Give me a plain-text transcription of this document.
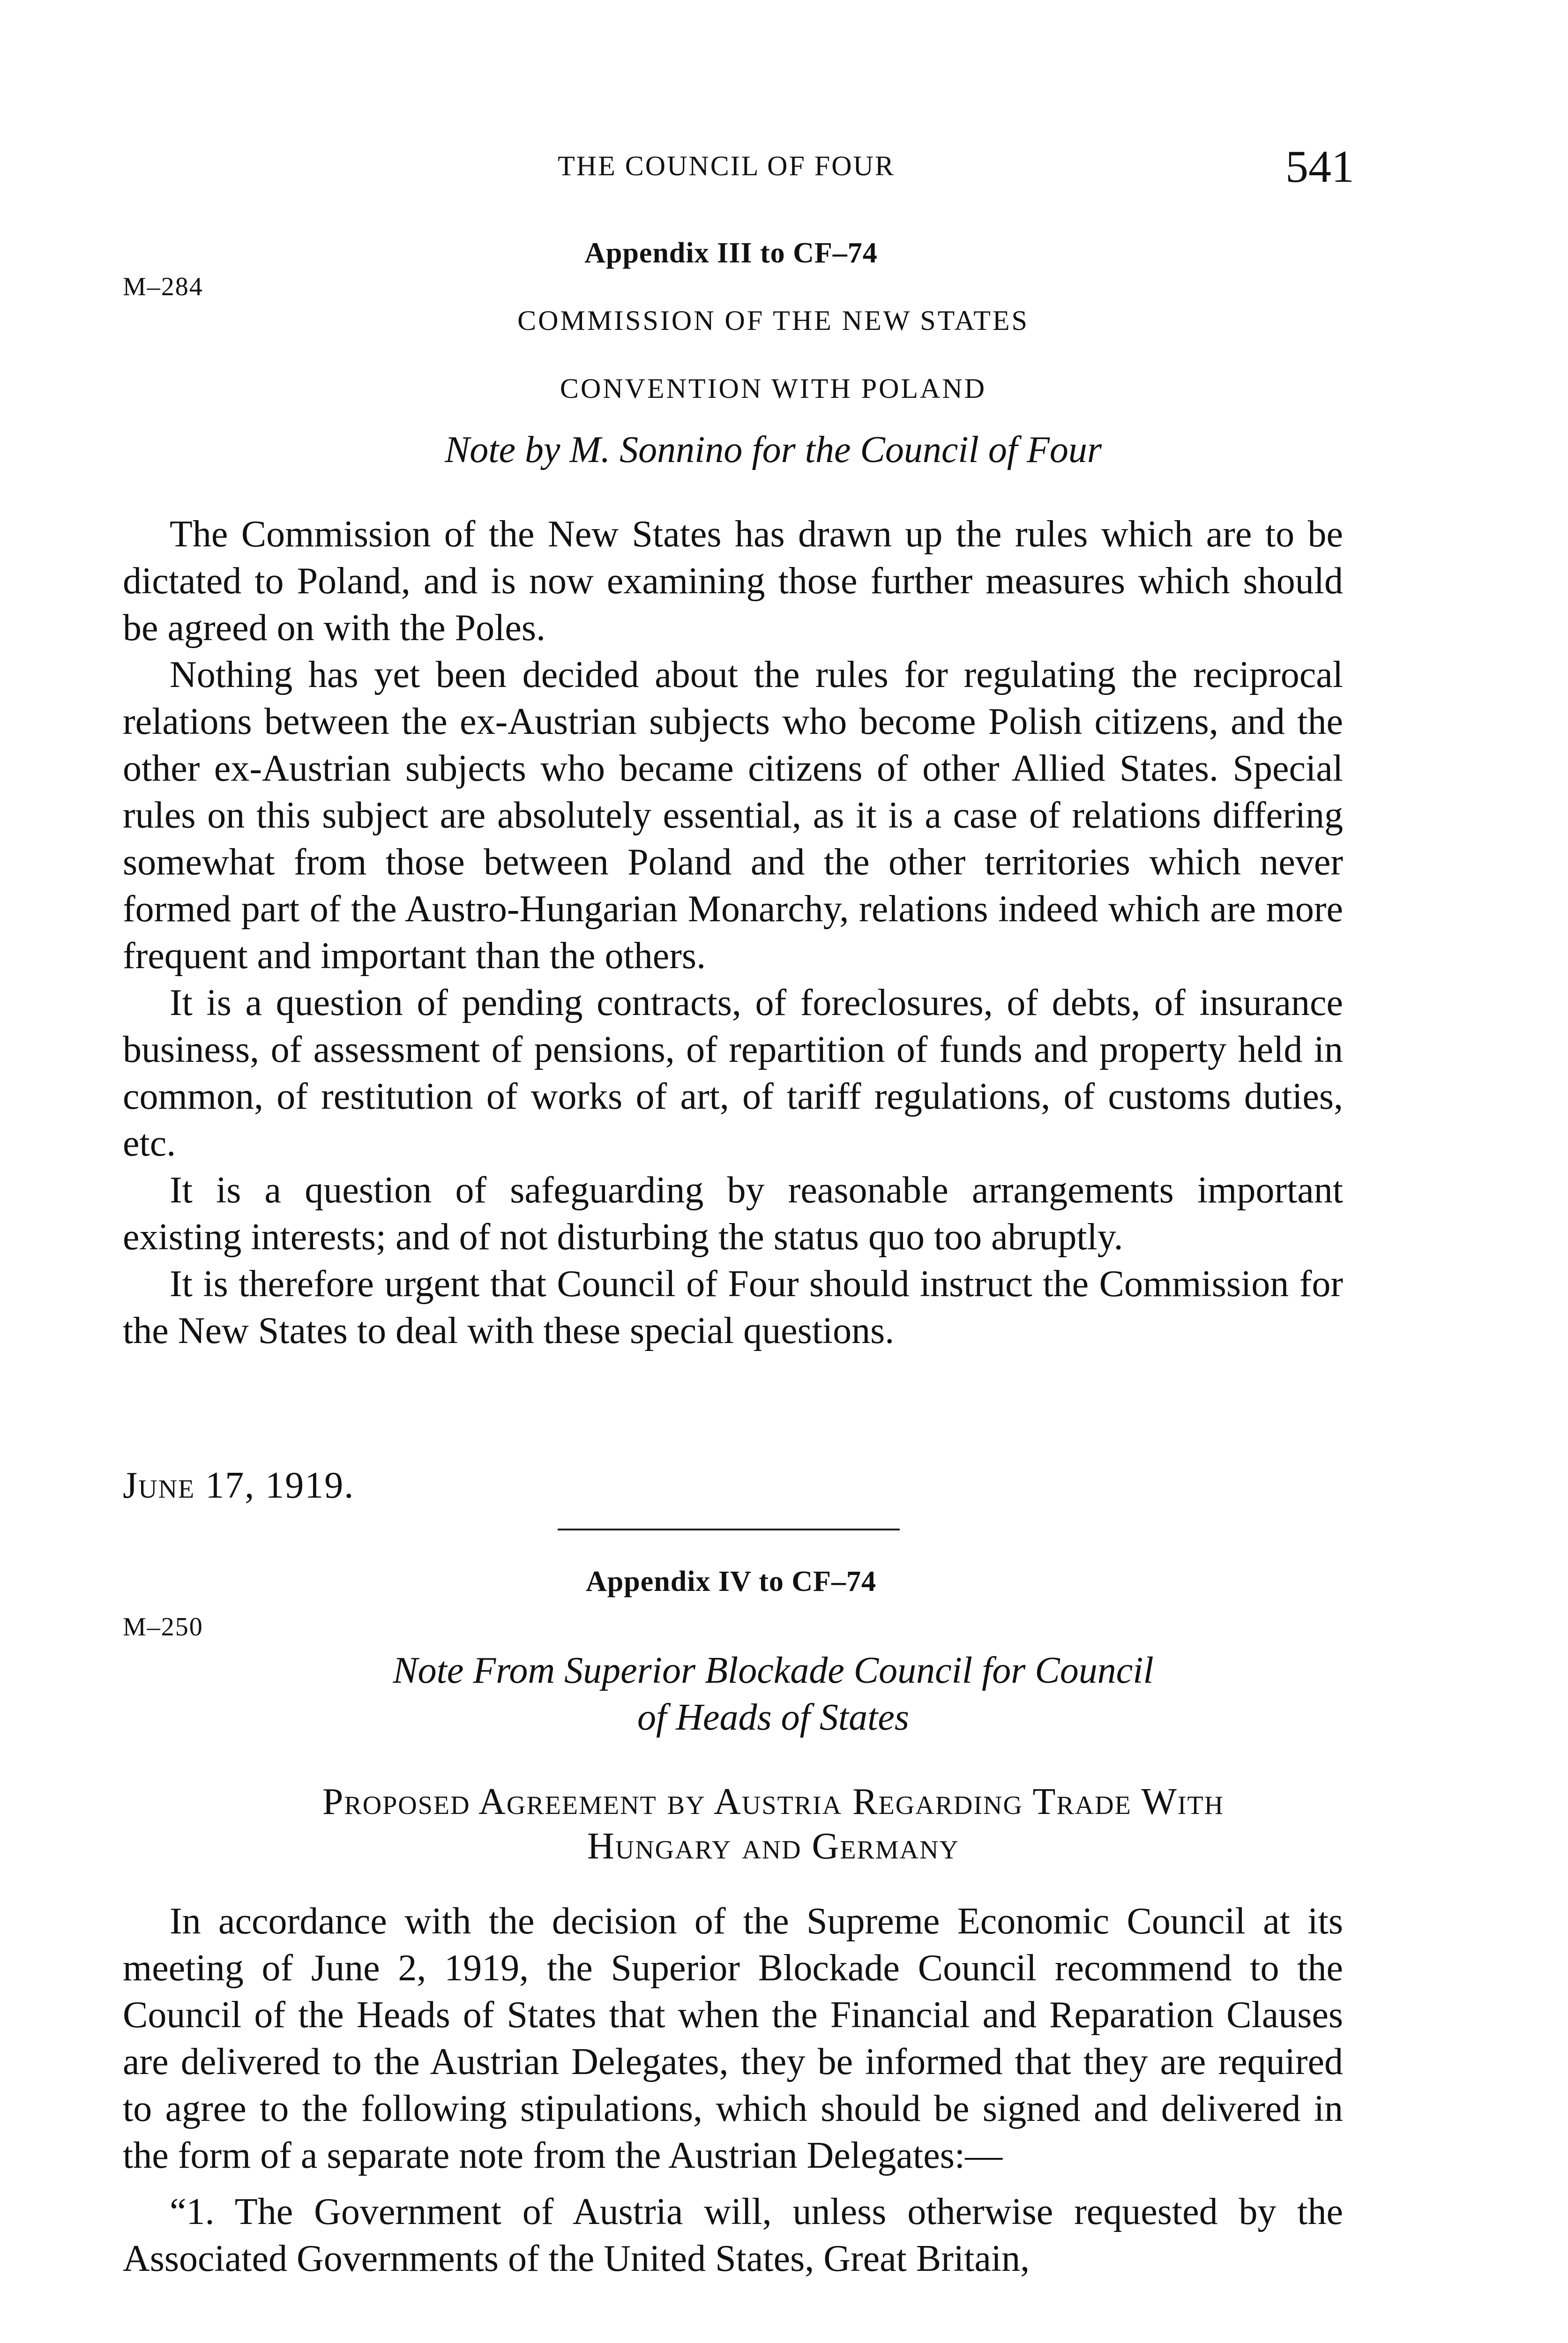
THE COUNCIL OF FOUR	541
M–284
Appendix III to CF–74
COMMISSION OF THE NEW STATES
CONVENTION WITH POLAND
Note by M. Sonnino for the Council of Four

The Commission of the New States has drawn up the rules which are to be dictated to Poland, and is now examining those further measures which should be agreed on with the Poles.

Nothing has yet been decided about the rules for regulating the reciprocal relations between the ex-Austrian subjects who become Polish citizens, and the other ex-Austrian subjects who became citizens of other Allied States. Special rules on this subject are absolutely essential, as it is a case of relations differing somewhat from those between Poland and the other territories which never formed part of the Austro-Hungarian Monarchy, relations indeed which are more frequent and important than the others.

It is a question of pending contracts, of foreclosures, of debts, of insurance business, of assessment of pensions, of repartition of funds and property held in common, of restitution of works of art, of tariff regulations, of customs duties, etc.

It is a question of safeguarding by reasonable arrangements important existing interests; and of not disturbing the status quo too abruptly.

It is therefore urgent that Council of Four should instruct the Commission for the New States to deal with these special questions.

June 17, 1919.
Appendix IV to CF–74
M–250
Note From Superior Blockade Council for Council
of Heads of States
Proposed Agreement by Austria Regarding Trade With
Hungary and Germany

In accordance with the decision of the Supreme Economic Council at its meeting of June 2, 1919, the Superior Blockade Council recommend to the Council of the Heads of States that when the Financial and Reparation Clauses are delivered to the Austrian Delegates, they be informed that they are required to agree to the following stipulations, which should be signed and delivered in the form of a separate note from the Austrian Delegates:—

“1. The Government of Austria will, unless otherwise requested by the Associated Governments of the United States, Great Britain,
